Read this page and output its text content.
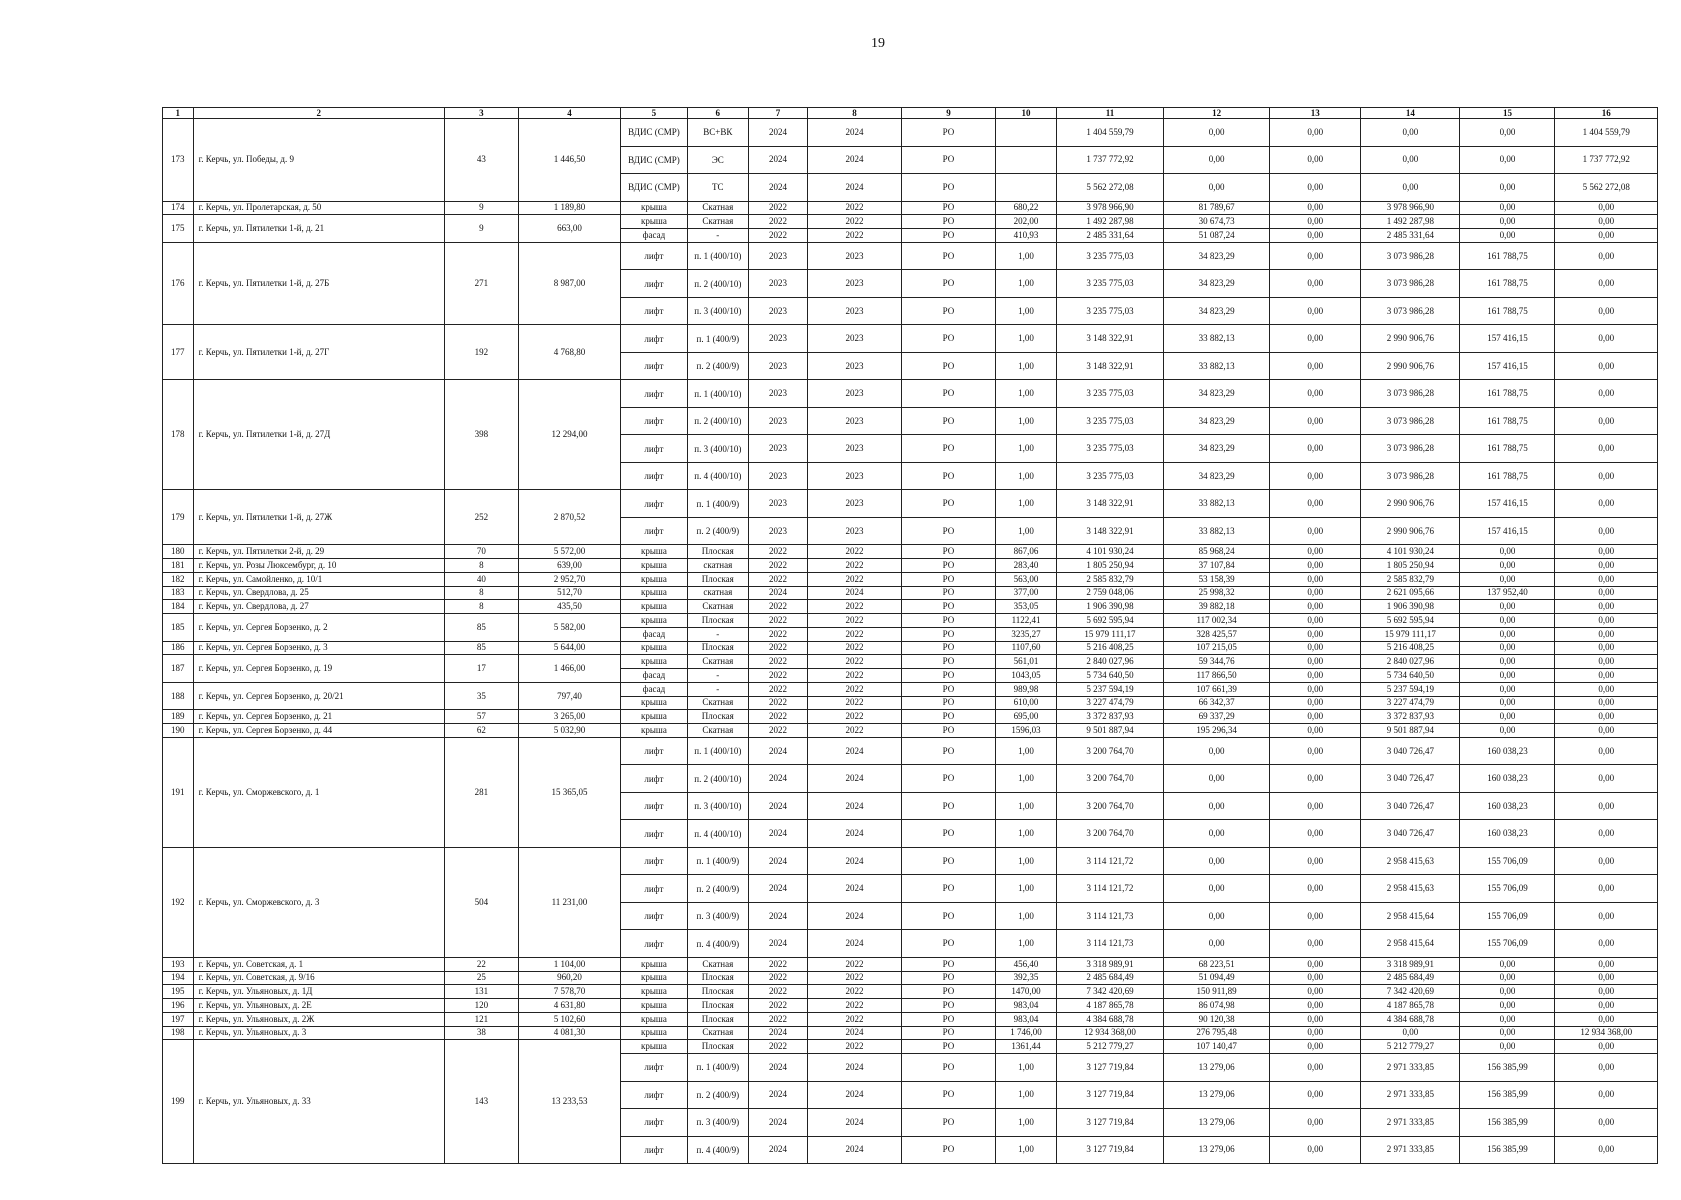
19
1	2	3	4	5	6	7	8	9	10	11	12	13	14	15	16
173	г. Керчь, ул. Победы, д. 9	43	1 446,50	ВДИС (СМР)	ВС+ВК	2024	2024	РО		1 404 559,79	0,00	0,00	0,00	0,00	1 404 559,79
				ВДИС (СМР)	ЭС	2024	2024	РО		1 737 772,92	0,00	0,00	0,00	0,00	1 737 772,92
				ВДИС (СМР)	ТС	2024	2024	РО		5 562 272,08	0,00	0,00	0,00	0,00	5 562 272,08
174	г. Керчь, ул. Пролетарская, д. 50	9	1 189,80	крыша	Скатная	2022	2022	РО	680,22	3 978 966,90	81 789,67	0,00	3 978 966,90	0,00	0,00
175	г. Керчь, ул. Пятилетки 1-й, д. 21	9	663,00	крыша	Скатная	2022	2022	РО	202,00	1 492 287,98	30 674,73	0,00	1 492 287,98	0,00	0,00
				фасад	-	2022	2022	РО	410,93	2 485 331,64	51 087,24	0,00	2 485 331,64	0,00	0,00
176	г. Керчь, ул. Пятилетки 1-й, д. 27Б	271	8 987,00	лифт	п. 1 (400/10)	2023	2023	РО	1,00	3 235 775,03	34 823,29	0,00	3 073 986,28	161 788,75	0,00
				лифт	п. 2 (400/10)	2023	2023	РО	1,00	3 235 775,03	34 823,29	0,00	3 073 986,28	161 788,75	0,00
				лифт	п. 3 (400/10)	2023	2023	РО	1,00	3 235 775,03	34 823,29	0,00	3 073 986,28	161 788,75	0,00
177	г. Керчь, ул. Пятилетки 1-й, д. 27Г	192	4 768,80	лифт	п. 1 (400/9)	2023	2023	РО	1,00	3 148 322,91	33 882,13	0,00	2 990 906,76	157 416,15	0,00
				лифт	п. 2 (400/9)	2023	2023	РО	1,00	3 148 322,91	33 882,13	0,00	2 990 906,76	157 416,15	0,00
178	г. Керчь, ул. Пятилетки 1-й, д. 27Д	398	12 294,00	лифт	п. 1 (400/10)	2023	2023	РО	1,00	3 235 775,03	34 823,29	0,00	3 073 986,28	161 788,75	0,00
				лифт	п. 2 (400/10)	2023	2023	РО	1,00	3 235 775,03	34 823,29	0,00	3 073 986,28	161 788,75	0,00
				лифт	п. 3 (400/10)	2023	2023	РО	1,00	3 235 775,03	34 823,29	0,00	3 073 986,28	161 788,75	0,00
				лифт	п. 4 (400/10)	2023	2023	РО	1,00	3 235 775,03	34 823,29	0,00	3 073 986,28	161 788,75	0,00
179	г. Керчь, ул. Пятилетки 1-й, д. 27Ж	252	2 870,52	лифт	п. 1 (400/9)	2023	2023	РО	1,00	3 148 322,91	33 882,13	0,00	2 990 906,76	157 416,15	0,00
				лифт	п. 2 (400/9)	2023	2023	РО	1,00	3 148 322,91	33 882,13	0,00	2 990 906,76	157 416,15	0,00
180	г. Керчь, ул. Пятилетки 2-й, д. 29	70	5 572,00	крыша	Плоская	2022	2022	РО	867,06	4 101 930,24	85 968,24	0,00	4 101 930,24	0,00	0,00
181	г. Керчь, ул. Розы Люксембург, д. 10	8	639,00	крыша	скатная	2022	2022	РО	283,40	1 805 250,94	37 107,84	0,00	1 805 250,94	0,00	0,00
182	г. Керчь, ул. Самойленко, д. 10/1	40	2 952,70	крыша	Плоская	2022	2022	РО	563,00	2 585 832,79	53 158,39	0,00	2 585 832,79	0,00	0,00
183	г. Керчь, ул. Свердлова, д. 25	8	512,70	крыша	скатная	2024	2024	РО	377,00	2 759 048,06	25 998,32	0,00	2 621 095,66	137 952,40	0,00
184	г. Керчь, ул. Свердлова, д. 27	8	435,50	крыша	Скатная	2022	2022	РО	353,05	1 906 390,98	39 882,18	0,00	1 906 390,98	0,00	0,00
185	г. Керчь, ул. Сергея Борзенко, д. 2	85	5 582,00	крыша	Плоская	2022	2022	РО	1122,41	5 692 595,94	117 002,34	0,00	5 692 595,94	0,00	0,00
				фасад	-	2022	2022	РО	3235,27	15 979 111,17	328 425,57	0,00	15 979 111,17	0,00	0,00
186	г. Керчь, ул. Сергея Борзенко, д. 3	85	5 644,00	крыша	Плоская	2022	2022	РО	1107,60	5 216 408,25	107 215,05	0,00	5 216 408,25	0,00	0,00
187	г. Керчь, ул. Сергея Борзенко, д. 19	17	1 466,00	крыша	Скатная	2022	2022	РО	561,01	2 840 027,96	59 344,76	0,00	2 840 027,96	0,00	0,00
				фасад	-	2022	2022	РО	1043,05	5 734 640,50	117 866,50	0,00	5 734 640,50	0,00	0,00
188	г. Керчь, ул. Сергея Борзенко, д. 20/21	35	797,40	фасад	-	2022	2022	РО	989,98	5 237 594,19	107 661,39	0,00	5 237 594,19	0,00	0,00
				крыша	Скатная	2022	2022	РО	610,00	3 227 474,79	66 342,37	0,00	3 227 474,79	0,00	0,00
189	г. Керчь, ул. Сергея Борзенко, д. 21	57	3 265,00	крыша	Плоская	2022	2022	РО	695,00	3 372 837,93	69 337,29	0,00	3 372 837,93	0,00	0,00
190	г. Керчь, ул. Сергея Борзенко, д. 44	62	5 032,90	крыша	Скатная	2022	2022	РО	1596,03	9 501 887,94	195 296,34	0,00	9 501 887,94	0,00	0,00
191	г. Керчь, ул. Сморжевского, д. 1	281	15 365,05	лифт	п. 1 (400/10)	2024	2024	РО	1,00	3 200 764,70	0,00	0,00	3 040 726,47	160 038,23	0,00
				лифт	п. 2 (400/10)	2024	2024	РО	1,00	3 200 764,70	0,00	0,00	3 040 726,47	160 038,23	0,00
				лифт	п. 3 (400/10)	2024	2024	РО	1,00	3 200 764,70	0,00	0,00	3 040 726,47	160 038,23	0,00
				лифт	п. 4 (400/10)	2024	2024	РО	1,00	3 200 764,70	0,00	0,00	3 040 726,47	160 038,23	0,00
192	г. Керчь, ул. Сморжевского, д. 3	504	11 231,00	лифт	п. 1 (400/9)	2024	2024	РО	1,00	3 114 121,72	0,00	0,00	2 958 415,63	155 706,09	0,00
				лифт	п. 2 (400/9)	2024	2024	РО	1,00	3 114 121,72	0,00	0,00	2 958 415,63	155 706,09	0,00
				лифт	п. 3 (400/9)	2024	2024	РО	1,00	3 114 121,73	0,00	0,00	2 958 415,64	155 706,09	0,00
				лифт	п. 4 (400/9)	2024	2024	РО	1,00	3 114 121,73	0,00	0,00	2 958 415,64	155 706,09	0,00
193	г. Керчь, ул. Советская, д. 1	22	1 104,00	крыша	Скатная	2022	2022	РО	456,40	3 318 989,91	68 223,51	0,00	3 318 989,91	0,00	0,00
194	г. Керчь, ул. Советская, д. 9/16	25	960,20	крыша	Плоская	2022	2022	РО	392,35	2 485 684,49	51 094,49	0,00	2 485 684,49	0,00	0,00
195	г. Керчь, ул. Ульяновых, д. 1Д	131	7 578,70	крыша	Плоская	2022	2022	РО	1470,00	7 342 420,69	150 911,89	0,00	7 342 420,69	0,00	0,00
196	г. Керчь, ул. Ульяновых, д. 2Е	120	4 631,80	крыша	Плоская	2022	2022	РО	983,04	4 187 865,78	86 074,98	0,00	4 187 865,78	0,00	0,00
197	г. Керчь, ул. Ульяновых, д. 2Ж	121	5 102,60	крыша	Плоская	2022	2022	РО	983,04	4 384 688,78	90 120,38	0,00	4 384 688,78	0,00	0,00
198	г. Керчь, ул. Ульяновых, д. 3	38	4 081,30	крыша	Скатная	2024	2024	РО	1 746,00	12 934 368,00	276 795,48	0,00	0,00	0,00	12 934 368,00
199	г. Керчь, ул. Ульяновых, д. 33	143	13 233,53	крыша	Плоская	2022	2022	РО	1361,44	5 212 779,27	107 140,47	0,00	5 212 779,27	0,00	0,00
				лифт	п. 1 (400/9)	2024	2024	РО	1,00	3 127 719,84	13 279,06	0,00	2 971 333,85	156 385,99	0,00
				лифт	п. 2 (400/9)	2024	2024	РО	1,00	3 127 719,84	13 279,06	0,00	2 971 333,85	156 385,99	0,00
				лифт	п. 3 (400/9)	2024	2024	РО	1,00	3 127 719,84	13 279,06	0,00	2 971 333,85	156 385,99	0,00
				лифт	п. 4 (400/9)	2024	2024	РО	1,00	3 127 719,84	13 279,06	0,00	2 971 333,85	156 385,99	0,00
